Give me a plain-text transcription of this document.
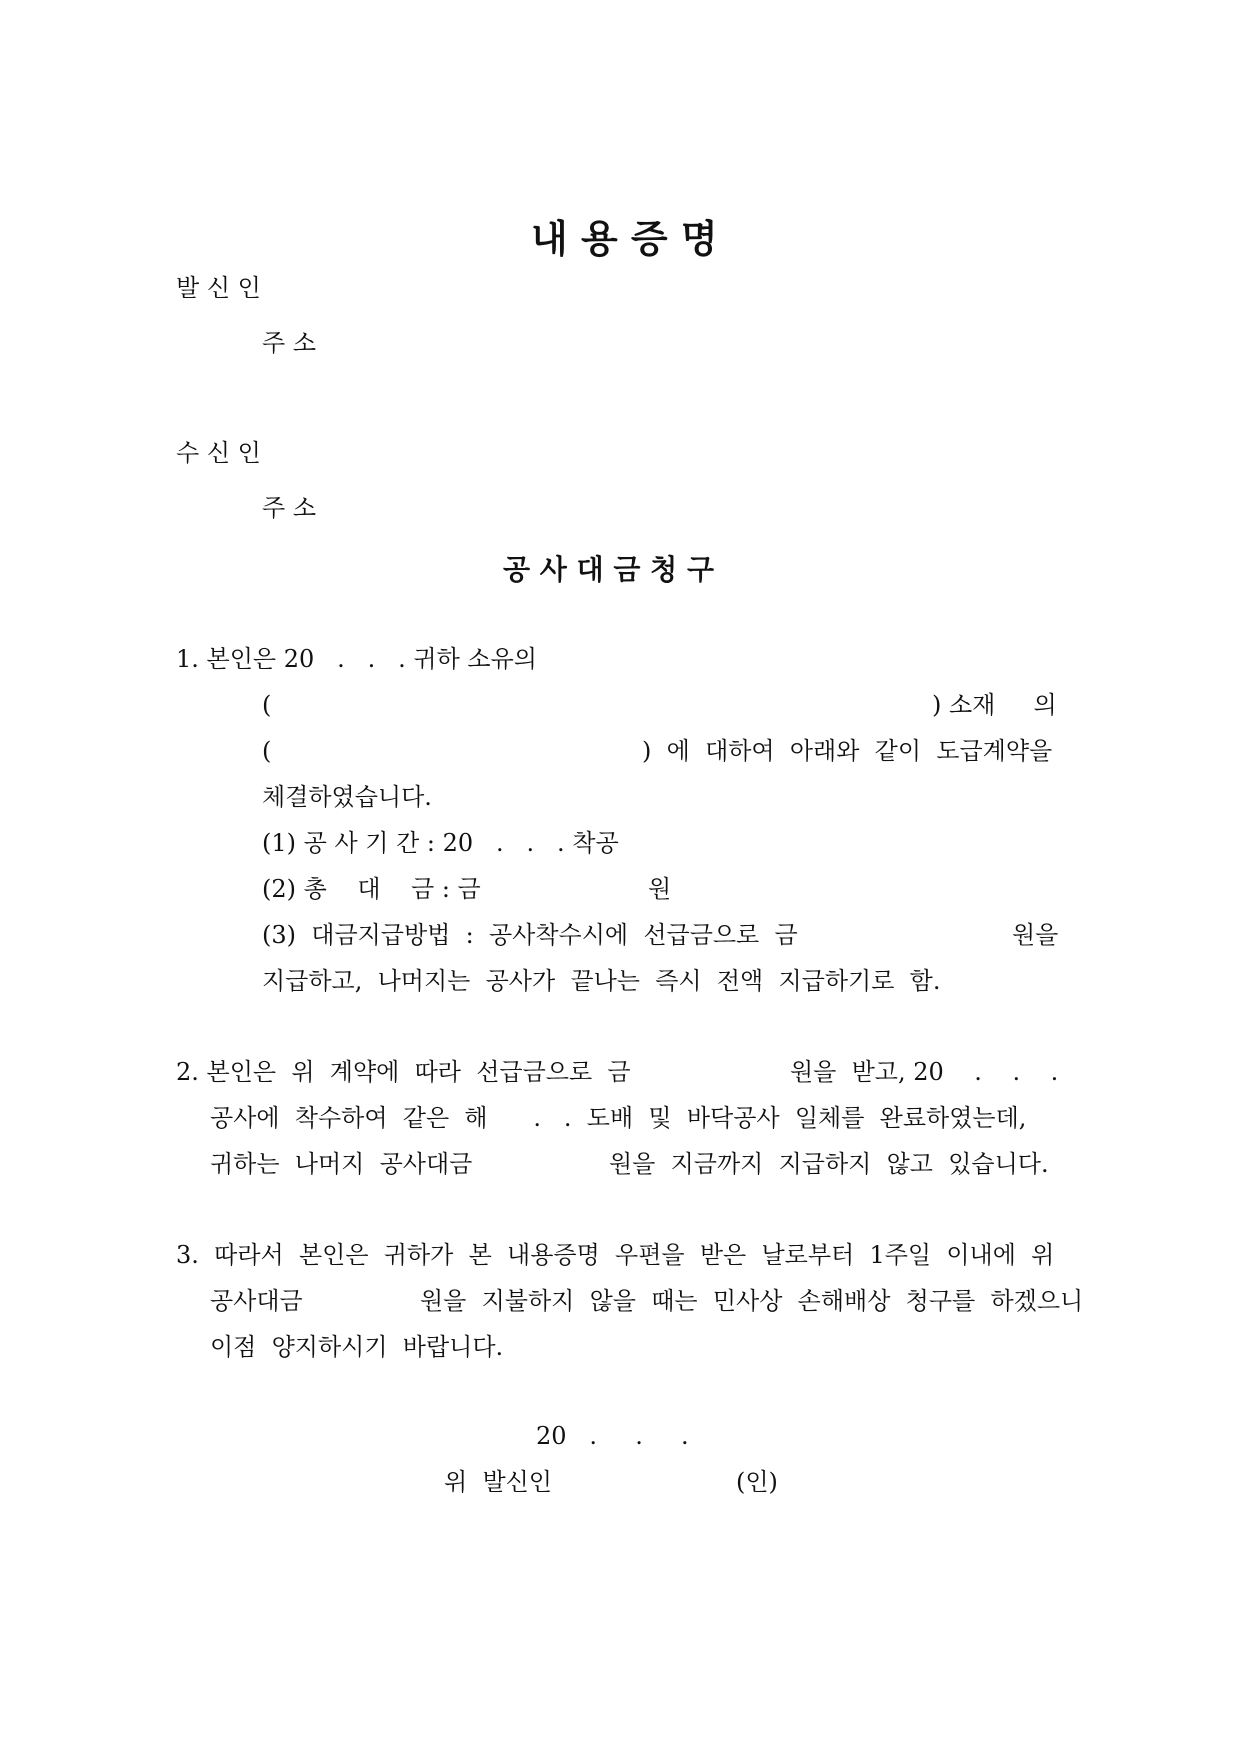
내 용 증 명
발 신 인
주 소
수 신 인
주 소
공 사 대 금 청 구
1. 본인은 20   .   .   . 귀하 소유의
(	) 소재     의
(	)  에  대하여  아래와  같이  도급계약을
체결하였습니다.
(1) 공 사 기 간 : 20   .   .   . 착공
(2) 총    대    금 : 금	원
(3)  대금지급방법  :  공사착수시에  선급금으로  금	원을
지급하고,  나머지는  공사가  끝나는  즉시  전액  지급하기로  함.
2. 본인은  위  계약에  따라  선급금으로  금	원을  받고, 20    .    .    .
공사에  착수하여  같은  해      .   .  도배  및  바닥공사  일체를  완료하였는데,
귀하는  나머지  공사대금	원을  지금까지  지급하지  않고  있습니다.
3.  따라서  본인은  귀하가  본  내용증명  우편을  받은  날로부터  1주일  이내에  위
공사대금	원을  지불하지  않을  때는  민사상  손해배상  청구를  하겠으니
이점  양지하시기  바랍니다.
20   .     .     .
위  발신인	(인)
